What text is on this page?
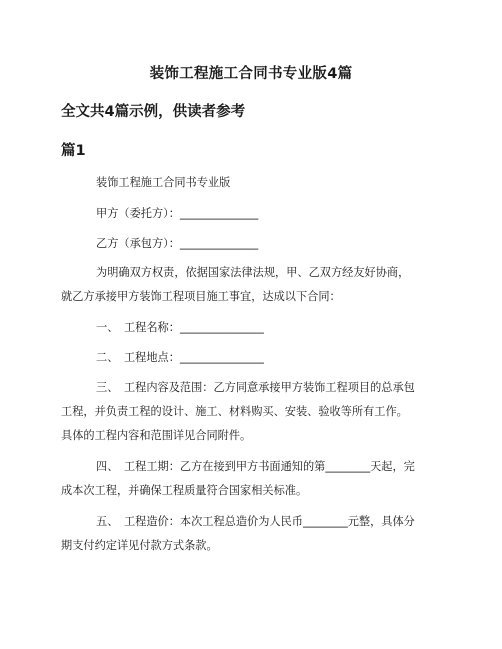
装饰工程施工合同书专业版4篇
全文共4篇示例，供读者参考
篇1
装饰工程施工合同书专业版
甲方（委托方）：______________
乙方（承包方）：______________
为明确双方权责，依据国家法律法规，甲、乙双方经友好协商，
就乙方承接甲方装饰工程项目施工事宜，达成以下合同：
一、　工程名称：_______________
二、　工程地点：_______________
三、　工程内容及范围：乙方同意承接甲方装饰工程项目的总承包
工程，并负责工程的设计、施工、材料购买、安装、验收等所有工作。
具体的工程内容和范围详见合同附件。
四、　工程工期：乙方在接到甲方书面通知的第________天起，完
成本次工程，并确保工程质量符合国家相关标准。
五、　工程造价：本次工程总造价为人民币________元整，具体分
期支付约定详见付款方式条款。
